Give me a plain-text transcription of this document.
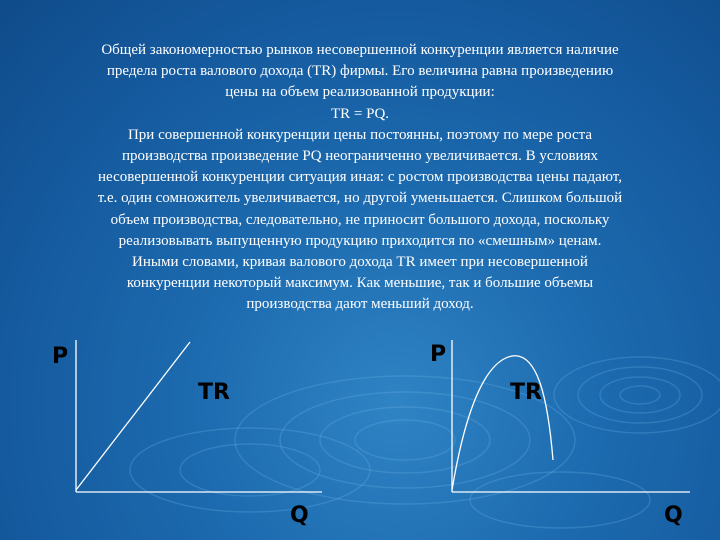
Общей закономерностью рынков несовершенной конкуренции является наличие
предела роста валового дохода (TR) фирмы. Его величина равна произведению
цены на объем реализованной продукции:
TR = PQ.
При совершенной конкуренции цены постоянны, поэтому по мере роста
производства произведение PQ неограниченно увеличивается. В условиях
несовершенной конкуренции ситуация иная: с ростом производства цены падают,
т.е. один сомножитель увеличивается, но другой уменьшается. Слишком большой
объем производства, следовательно, не приносит большого дохода, поскольку
реализовывать выпущенную продукцию приходится по «смешным» ценам.
Иными словами, кривая валового дохода TR имеет при несовершенной
конкуренции некоторый максимум. Как меньшие, так и большие объемы
производства дают меньший доход.

P
TR
Q
P
TR
Q
